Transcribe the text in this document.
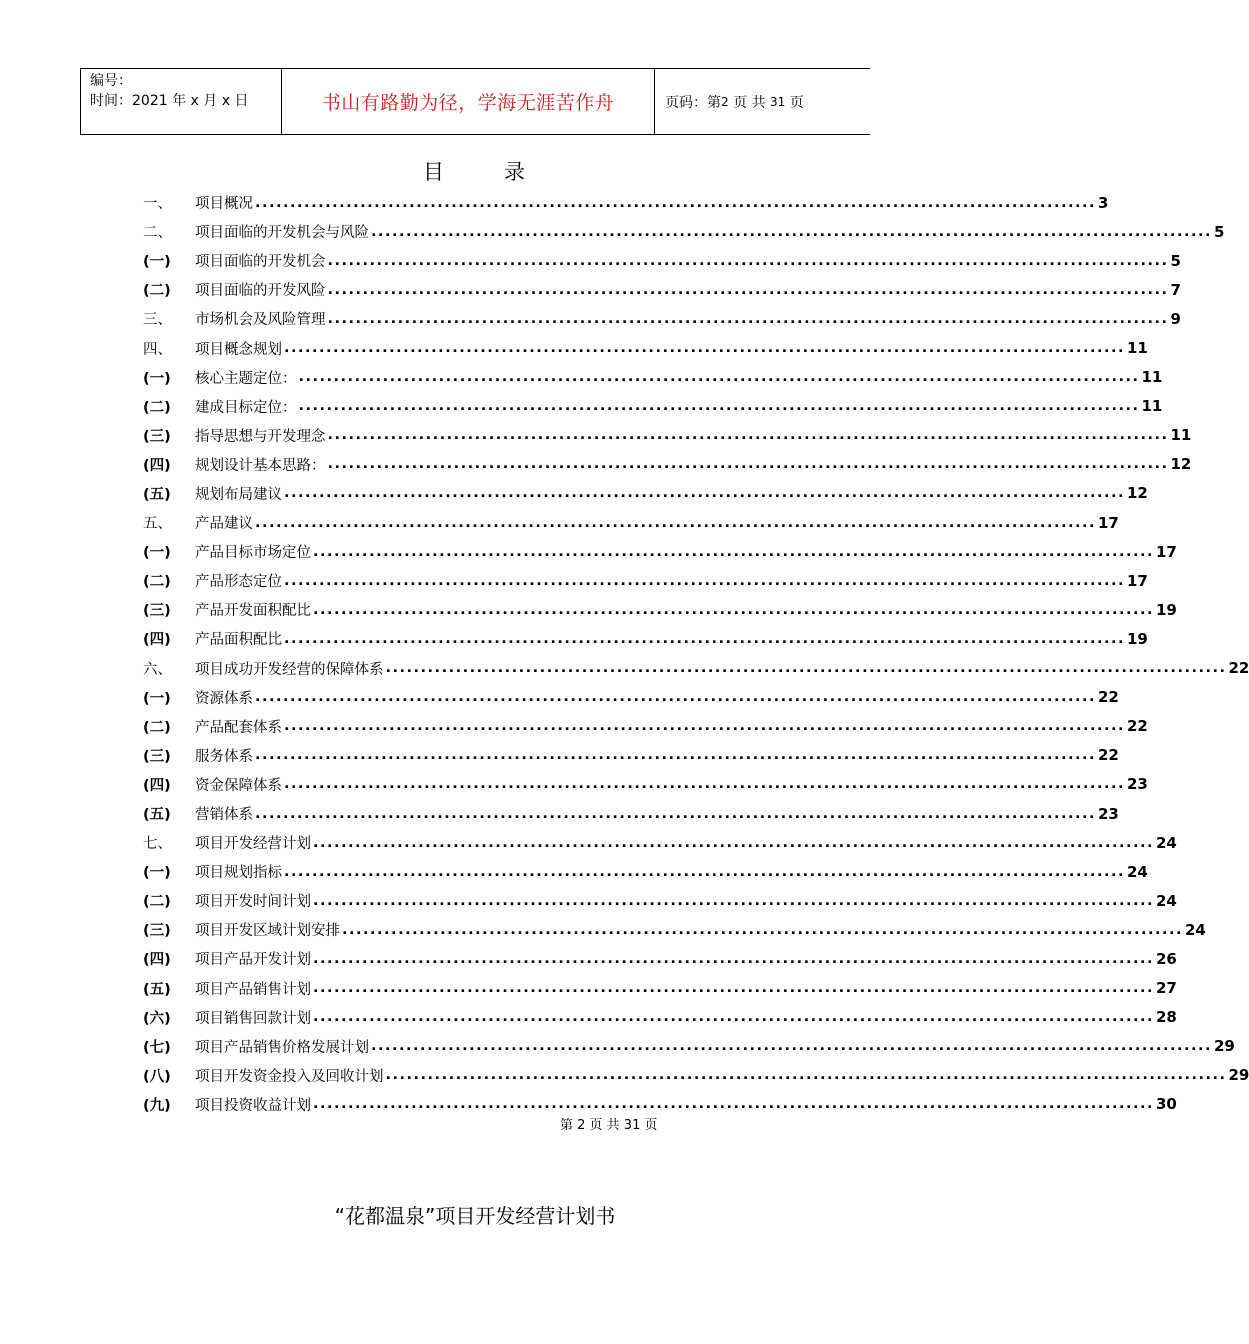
编号：
时间：2021 年 x 月 x 日	书山有路勤为径，学海无涯苦作舟	页码：第 2
页 共
31
页
目	录
一、	项目概况 ........................................................................................................................ 3
二、	项目面临的开发机会与风险 ........................................................................................................................ 5
(一)	项目面临的开发机会 ........................................................................................................................ 5
(二)	项目面临的开发风险 ........................................................................................................................ 7
三、	市场机会及风险管理 ........................................................................................................................ 9
四、	项目概念规划 ........................................................................................................................ 11
(一)	核心主题定位： ........................................................................................................................ 11
(二)	建成目标定位： ........................................................................................................................ 11
(三)	指导思想与开发理念 ........................................................................................................................ 11
(四)	规划设计基本思路： ........................................................................................................................ 12
(五)	规划布局建议 ........................................................................................................................ 12
五、	产品建议 ........................................................................................................................ 17
(一)	产品目标市场定位 ........................................................................................................................ 17
(二)	产品形态定位 ........................................................................................................................ 17
(三)	产品开发面积配比 ........................................................................................................................ 19
(四)	产品面积配比 ........................................................................................................................ 19
六、	项目成功开发经营的保障体系 ........................................................................................................................ 22
(一)	资源体系 ........................................................................................................................ 22
(二)	产品配套体系 ........................................................................................................................ 22
(三)	服务体系 ........................................................................................................................ 22
(四)	资金保障体系 ........................................................................................................................ 23
(五)	营销体系 ........................................................................................................................ 23
七、	项目开发经营计划 ........................................................................................................................ 24
(一)	项目规划指标 ........................................................................................................................ 24
(二)	项目开发时间计划 ........................................................................................................................ 24
(三)	项目开发区域计划安排 ........................................................................................................................ 24
(四)	项目产品开发计划 ........................................................................................................................ 26
(五)	项目产品销售计划 ........................................................................................................................ 27
(六)	项目销售回款计划 ........................................................................................................................ 28
(七)	项目产品销售价格发展计划 ........................................................................................................................ 29
(八)	项目开发资金投入及回收计划 ........................................................................................................................ 29
(九)	项目投资收益计划 ........................................................................................................................ 30
第 2 页 共 31 页
“花都温泉”项目开发经营计划书
